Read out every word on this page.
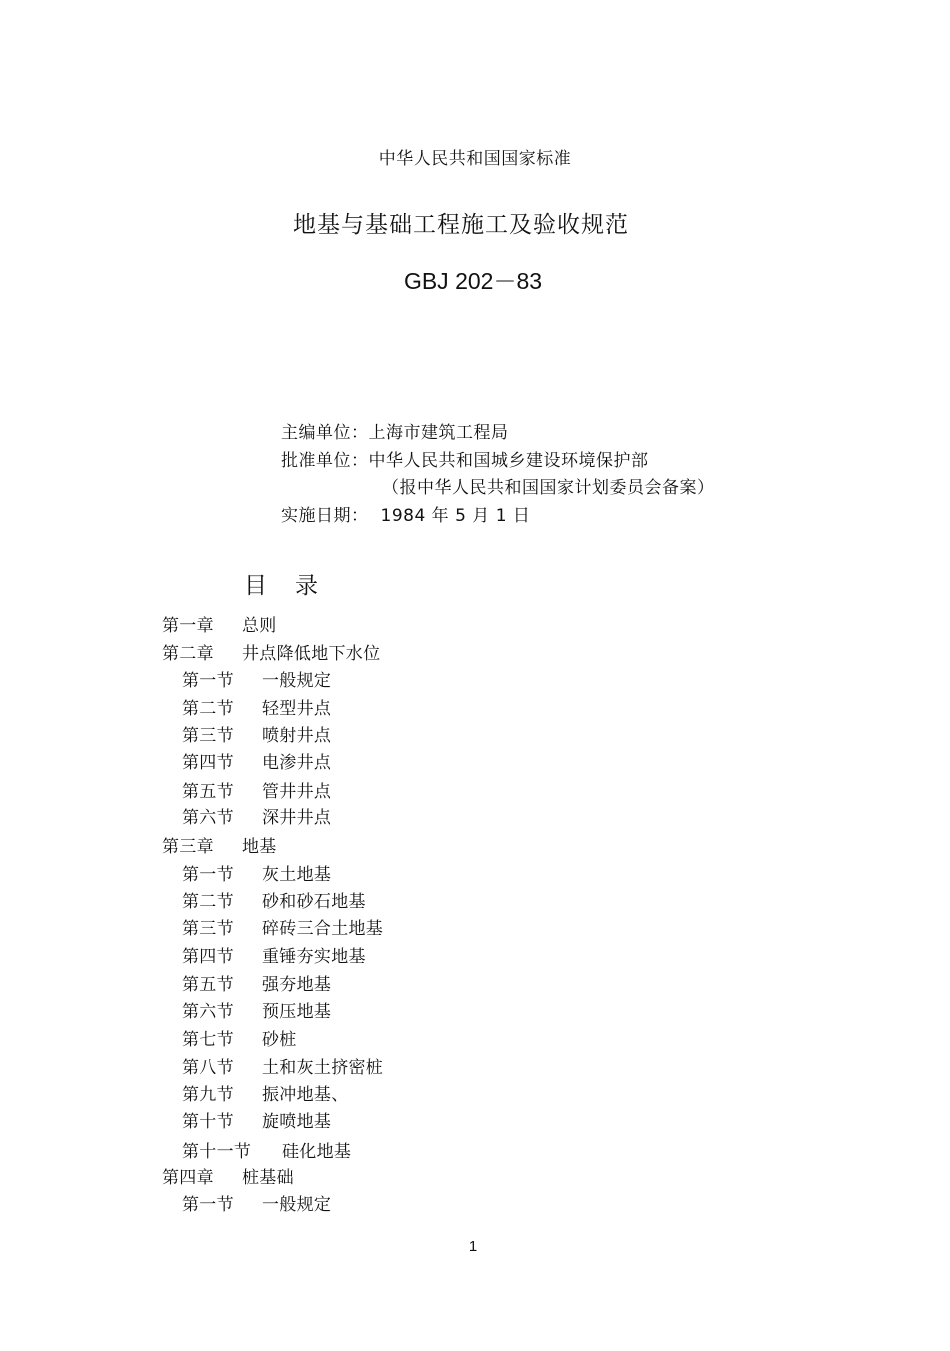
中华人民共和国国家标准
地基与基础工程施工及验收规范
GBJ 202－83
主编单位：上海市建筑工程局
批准单位：中华人民共和国城乡建设环境保护部
（报中华人民共和国国家计划委员会备案）
实施日期： 1984 年 5 月 1 日
目录
第一章 总则
第二章 井点降低地下水位
第一节 一般规定
第二节 轻型井点
第三节 喷射井点
第四节 电渗井点
第五节 管井井点
第六节 深井井点
第三章 地基
第一节 灰土地基
第二节 砂和砂石地基
第三节 碎砖三合土地基
第四节 重锤夯实地基
第五节 强夯地基
第六节 预压地基
第七节 砂桩
第八节 土和灰土挤密桩
第九节 振冲地基、
第十节 旋喷地基
第十一节 硅化地基
第四章 桩基础
第一节 一般规定
1
